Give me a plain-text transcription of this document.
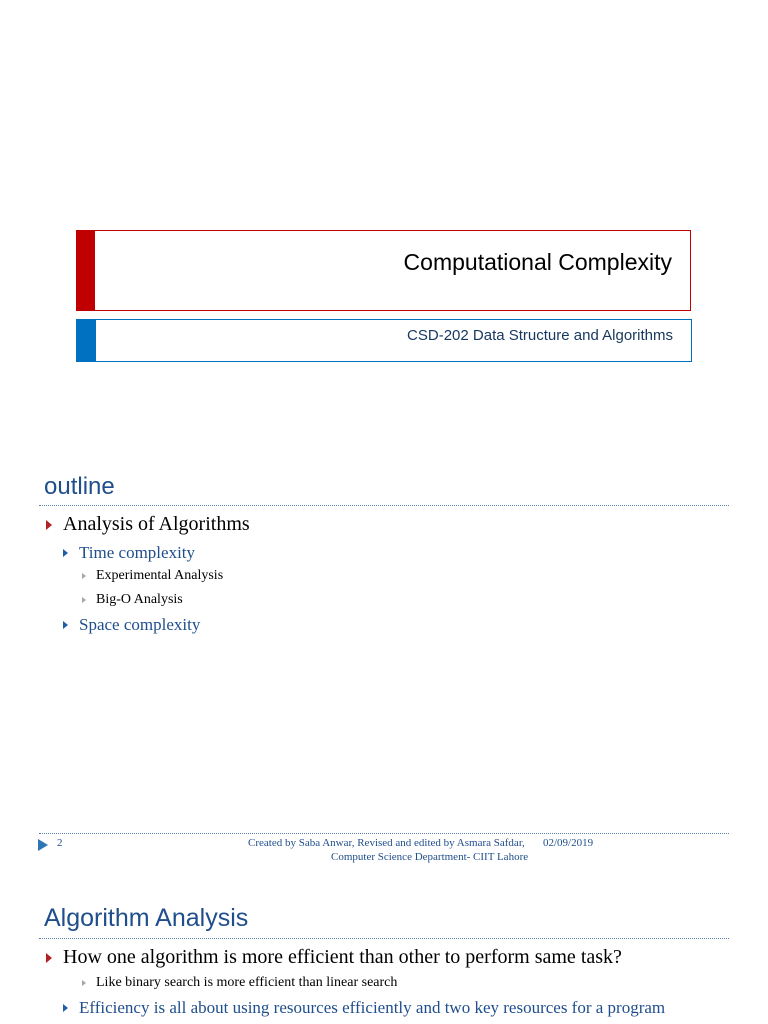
Computational Complexity
CSD-202 Data Structure and Algorithms
outline
Analysis of Algorithms
Time complexity
Experimental Analysis
Big-O Analysis
Space complexity
2	Created by Saba Anwar, Revised and edited by Asmara Safdar, 02/09/2019
Computer Science Department- CIIT Lahore
Algorithm Analysis
How one algorithm is more efficient than other to perform same task?
Like binary search is more efficient than linear search
Efficiency is all about using resources efficiently and two key resources for a program
